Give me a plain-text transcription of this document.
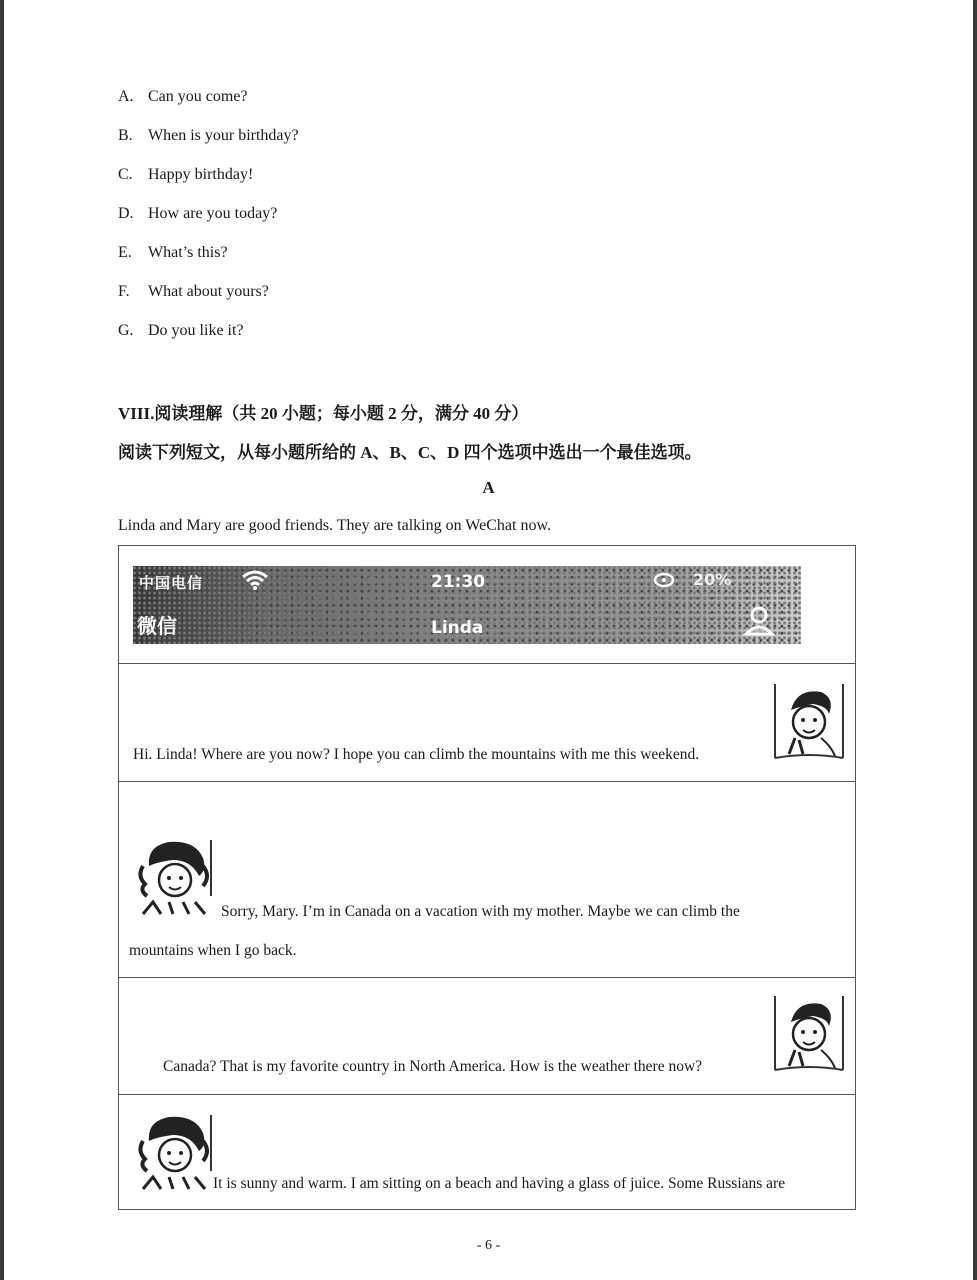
A. Can you come?
B. When is your birthday?
C. Happy birthday!
D. How are you today?
E. What’s this?
F. What about yours?
G. Do you like it?
VIII.阅读理解（共 20 小题；每小题 2 分，满分 40 分）
阅读下列短文，从每小题所给的 A、B、C、D 四个选项中选出一个最佳选项。
A
Linda and Mary are good friends. They are talking on WeChat now.
中国电信	21:30	20%
微信	Linda
Hi. Linda! Where are you now? I hope you can climb the mountains with me this weekend.
Sorry, Mary. I’m in Canada on a vacation with my mother. Maybe we can climb the
mountains when I go back.
Canada? That is my favorite country in North America. How is the weather there now?
It is sunny and warm. I am sitting on a beach and having a glass of juice. Some Russians are
- 6 -
